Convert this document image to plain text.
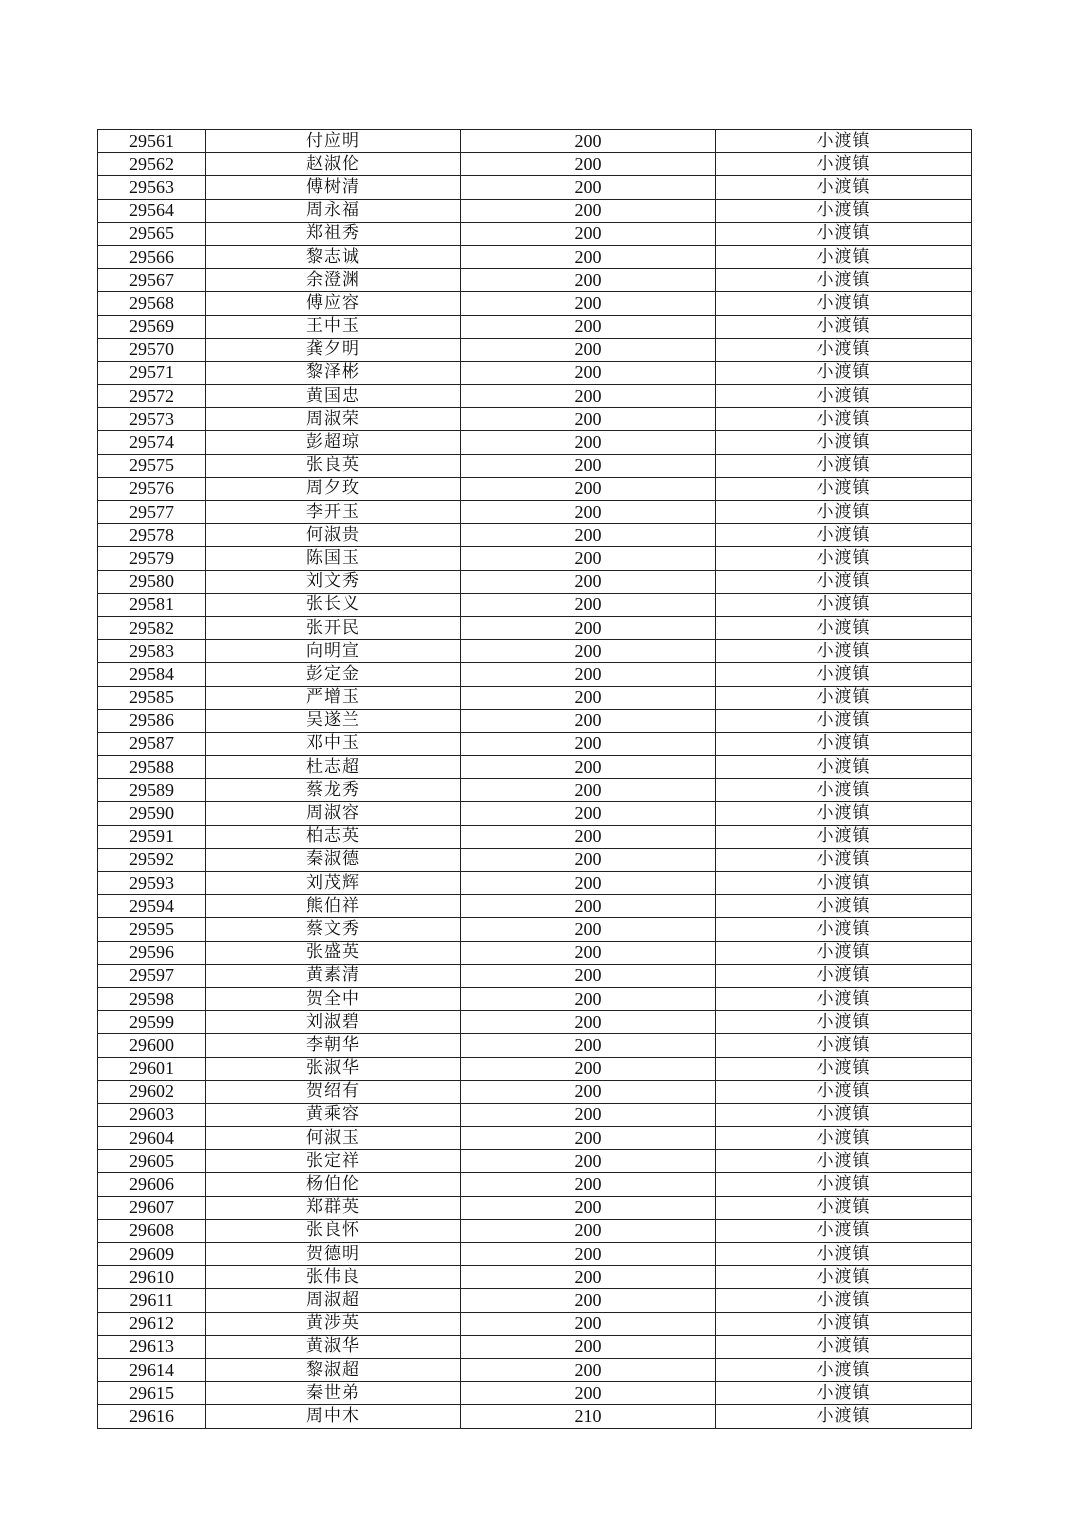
29561	付应明	200	小渡镇
29562	赵淑伦	200	小渡镇
29563	傅树清	200	小渡镇
29564	周永福	200	小渡镇
29565	郑祖秀	200	小渡镇
29566	黎志诚	200	小渡镇
29567	余澄渊	200	小渡镇
29568	傅应容	200	小渡镇
29569	王中玉	200	小渡镇
29570	龚夕明	200	小渡镇
29571	黎泽彬	200	小渡镇
29572	黄国忠	200	小渡镇
29573	周淑荣	200	小渡镇
29574	彭超琼	200	小渡镇
29575	张良英	200	小渡镇
29576	周夕玫	200	小渡镇
29577	李开玉	200	小渡镇
29578	何淑贵	200	小渡镇
29579	陈国玉	200	小渡镇
29580	刘文秀	200	小渡镇
29581	张长义	200	小渡镇
29582	张开民	200	小渡镇
29583	向明宣	200	小渡镇
29584	彭定金	200	小渡镇
29585	严增玉	200	小渡镇
29586	吴遂兰	200	小渡镇
29587	邓中玉	200	小渡镇
29588	杜志超	200	小渡镇
29589	蔡龙秀	200	小渡镇
29590	周淑容	200	小渡镇
29591	柏志英	200	小渡镇
29592	秦淑德	200	小渡镇
29593	刘茂辉	200	小渡镇
29594	熊伯祥	200	小渡镇
29595	蔡文秀	200	小渡镇
29596	张盛英	200	小渡镇
29597	黄素清	200	小渡镇
29598	贺全中	200	小渡镇
29599	刘淑碧	200	小渡镇
29600	李朝华	200	小渡镇
29601	张淑华	200	小渡镇
29602	贺绍有	200	小渡镇
29603	黄乘容	200	小渡镇
29604	何淑玉	200	小渡镇
29605	张定祥	200	小渡镇
29606	杨伯伦	200	小渡镇
29607	郑群英	200	小渡镇
29608	张良怀	200	小渡镇
29609	贺德明	200	小渡镇
29610	张伟良	200	小渡镇
29611	周淑超	200	小渡镇
29612	黄涉英	200	小渡镇
29613	黄淑华	200	小渡镇
29614	黎淑超	200	小渡镇
29615	秦世弟	200	小渡镇
29616	周中木	210	小渡镇
